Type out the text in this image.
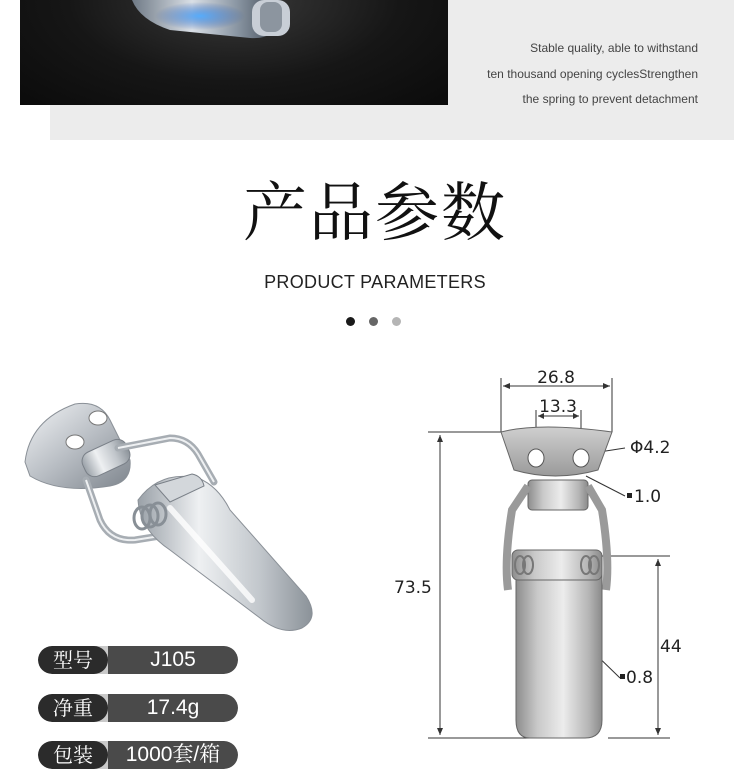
Stable quality, able to withstand
ten thousand opening cyclesStrengthen
the spring to prevent detachment
产品参数
PRODUCT PARAMETERS
型号	J105
净重	17.4g
包装	1000套/箱
26.8
13.3
Φ4.2
1.0
73.5
44
0.8
